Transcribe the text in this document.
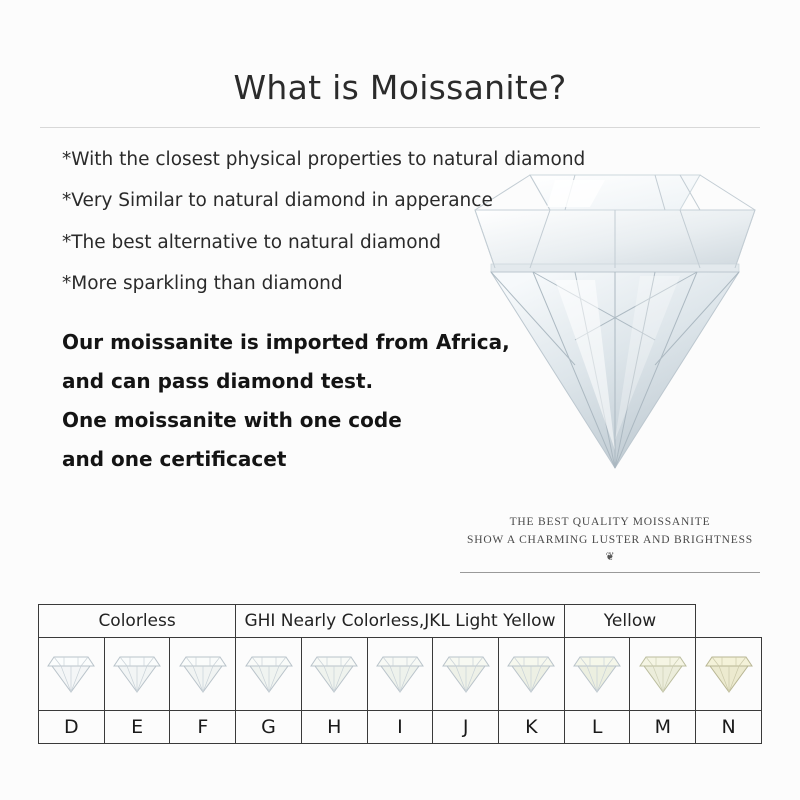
What is Moissanite?
*With the closest physical properties to natural diamond
*Very Similar to natural diamond in apperance
*The best alternative to natural diamond
*More sparkling than diamond
Our moissanite is imported from Africa,
and can pass diamond test.
One moissanite with one code
and one certificacet
THE BEST QUALITY MOISSANITE
SHOW A CHARMING LUSTER AND BRIGHTNESS
❦
Colorless			GHI Nearly Colorless,JKL Light Yellow					Yellow		

D	E	F	G	H	I	J	K	L	M	N
